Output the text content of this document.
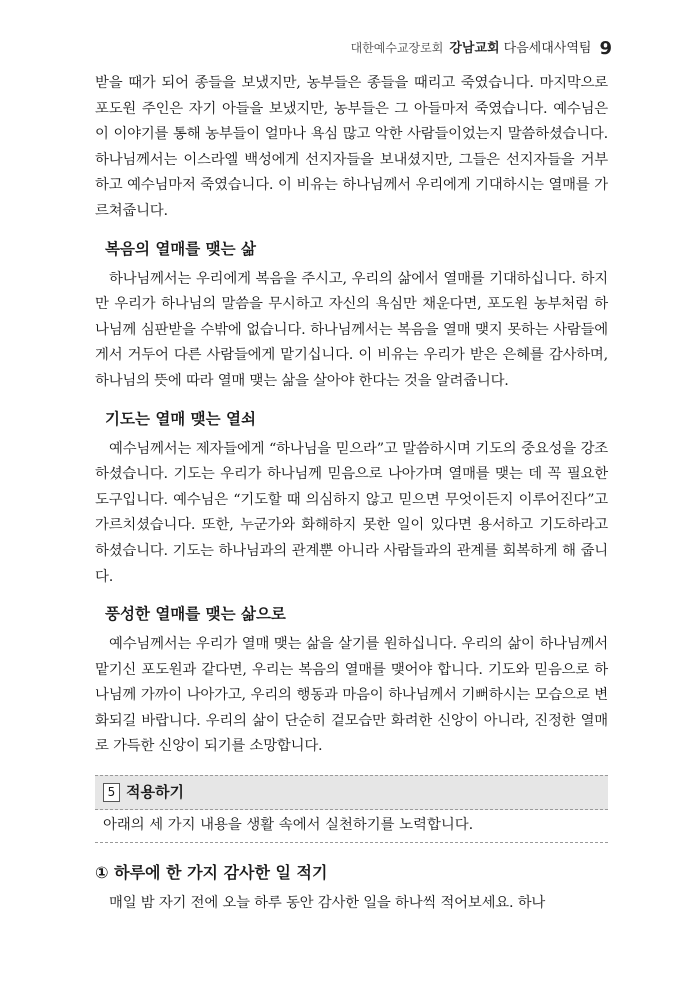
대한예수교장로회 강남교회 다음세대사역팀 9

받을 때가 되어 종들을 보냈지만, 농부들은 종들을 때리고 죽였습니다. 마지막으로 포도원 주인은 자기 아들을 보냈지만, 농부들은 그 아들마저 죽였습니다. 예수님은 이 이야기를 통해 농부들이 얼마나 욕심 많고 악한 사람들이었는지 말씀하셨습니다. 하나님께서는 이스라엘 백성에게 선지자들을 보내셨지만, 그들은 선지자들을 거부하고 예수님마저 죽였습니다. 이 비유는 하나님께서 우리에게 기대하시는 열매를 가르쳐줍니다.

복음의 열매를 맺는 삶

하나님께서는 우리에게 복음을 주시고, 우리의 삶에서 열매를 기대하십니다. 하지만 우리가 하나님의 말씀을 무시하고 자신의 욕심만 채운다면, 포도원 농부처럼 하나님께 심판받을 수밖에 없습니다. 하나님께서는 복음을 열매 맺지 못하는 사람들에게서 거두어 다른 사람들에게 맡기십니다. 이 비유는 우리가 받은 은혜를 감사하며, 하나님의 뜻에 따라 열매 맺는 삶을 살아야 한다는 것을 알려줍니다.

기도는 열매 맺는 열쇠

예수님께서는 제자들에게 “하나님을 믿으라”고 말씀하시며 기도의 중요성을 강조하셨습니다. 기도는 우리가 하나님께 믿음으로 나아가며 열매를 맺는 데 꼭 필요한 도구입니다. 예수님은 “기도할 때 의심하지 않고 믿으면 무엇이든지 이루어진다”고 가르치셨습니다. 또한, 누군가와 화해하지 못한 일이 있다면 용서하고 기도하라고 하셨습니다. 기도는 하나님과의 관계뿐 아니라 사람들과의 관계를 회복하게 해 줍니다.

풍성한 열매를 맺는 삶으로

예수님께서는 우리가 열매 맺는 삶을 살기를 원하십니다. 우리의 삶이 하나님께서 맡기신 포도원과 같다면, 우리는 복음의 열매를 맺어야 합니다. 기도와 믿음으로 하나님께 가까이 나아가고, 우리의 행동과 마음이 하나님께서 기뻐하시는 모습으로 변화되길 바랍니다. 우리의 삶이 단순히 겉모습만 화려한 신앙이 아니라, 진정한 열매로 가득한 신앙이 되기를 소망합니다.

5 적용하기
아래의 세 가지 내용을 생활 속에서 실천하기를 노력합니다.
① 하루에 한 가지 감사한 일 적기

매일 밤 자기 전에 오늘 하루 동안 감사한 일을 하나씩 적어보세요. 하나
